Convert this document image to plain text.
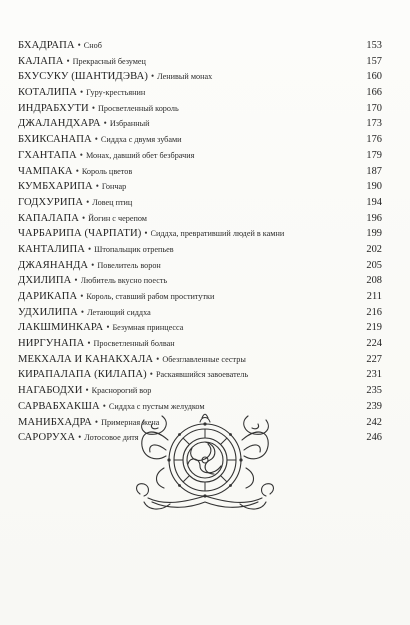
БХАДРАПА • Сноб	153
КАЛАПА • Прекрасный безумец	157
БХУСУКУ (ШАНТИДЭВА) • Ленивый монах	160
КОТАЛИПА • Гуру-крестьянин	166
ИНДРАБХУТИ • Просветленный король	170
ДЖАЛАНДХАРА • Избранный	173
БХИКСАНАПА • Сиддха с двумя зубами	176
ГХАНТАПА • Монах, давший обет безбрачия	179
ЧАМПАКА • Король цветов	187
КУМБХАРИПА • Гончар	190
ГОДХУРИПА • Ловец птиц	194
КАПАЛАПА • Йогин с черепом	196
ЧАРБАРИПА (ЧАРПАТИ) • Сиддха, превративший людей в камни	199
КАНТАЛИПА • Штопальщик отрепьев	202
ДЖАЯНАНДА • Повелитель ворон	205
ДХИЛИПА • Любитель вкусно поесть	208
ДАРИКАПА • Король, ставший рабом проститутки	211
УДХИЛИПА • Летающий сиддха	216
ЛАКШМИНКАРА • Безумная принцесса	219
НИРГУНАПА • Просветленный болван	224
МЕКХАЛА И КАНАКХАЛА • Обезглавленные сестры	227
КИРАПАЛАПА (КИЛАПА) • Раскаявшийся завоеватель	231
НАГАБОДХИ • Краснорогий вор	235
САРВАБХАКША • Сиддха с пустым желудком	239
МАНИБХАДРА • Примерная жена	242
САРОРУХА • Лотосовое дитя	246
